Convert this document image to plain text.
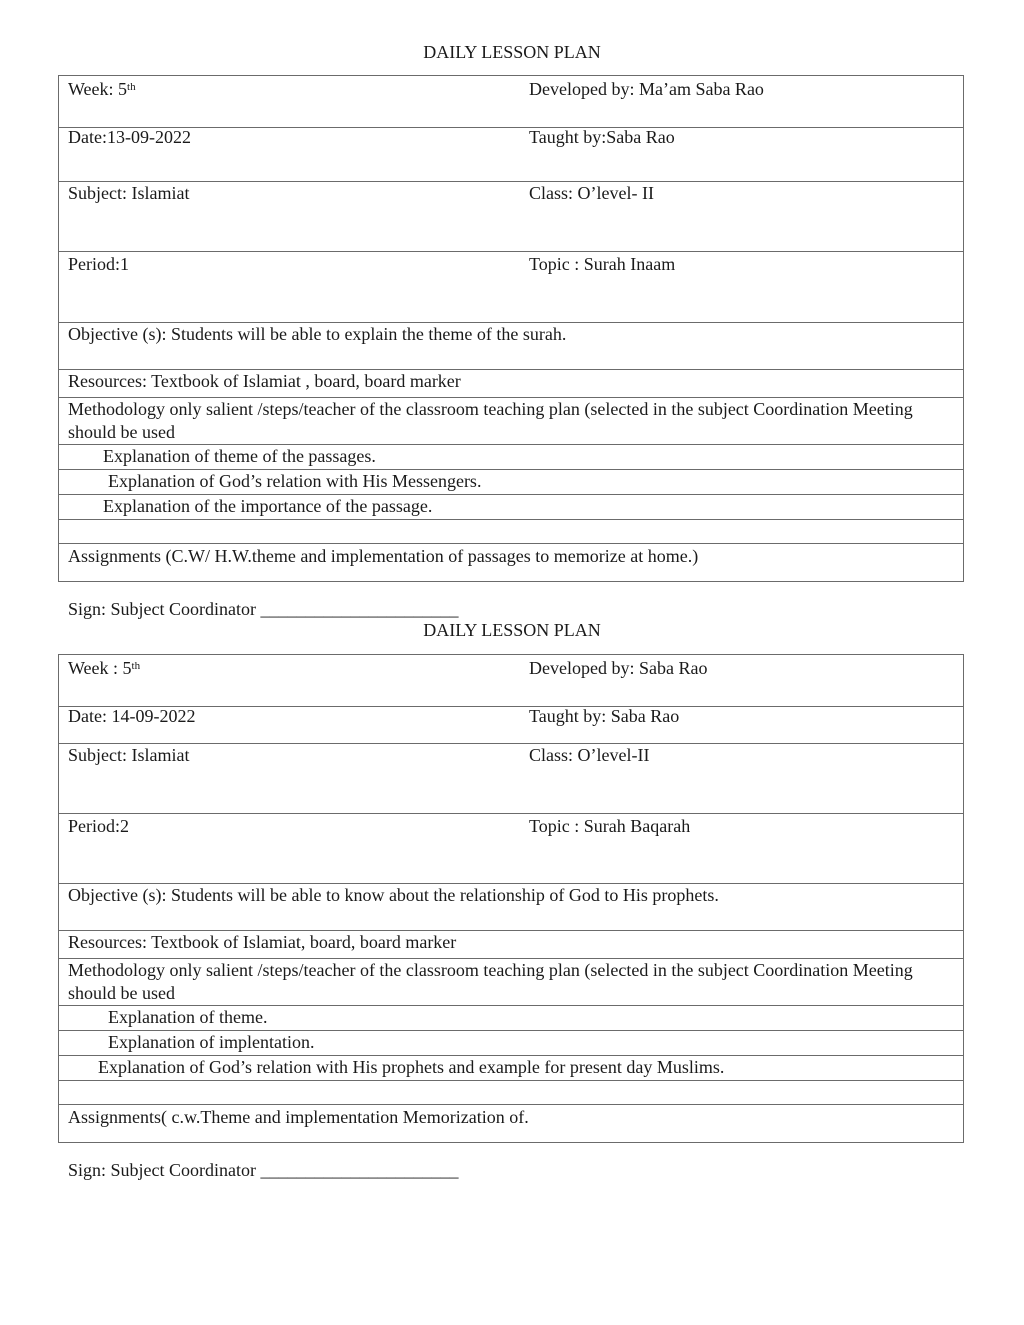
DAILY LESSON PLAN
Week: 5th	Developed by: Ma’am Saba Rao
Date:13-09-2022	Taught by:Saba Rao
Subject: Islamiat	Class: O’level- II
Period:1	Topic : Surah Inaam
Objective (s): Students will be able to explain the theme of the surah.
Resources: Textbook of Islamiat , board, board marker
Methodology only salient /steps/teacher of the classroom teaching plan (selected in the subject Coordination Meeting should be used
Explanation of theme of the passages.
Explanation of God’s relation with His Messengers.
Explanation of the importance of the passage.
Assignments (C.W/ H.W.theme and implementation of passages to memorize at home.)
Sign: Subject Coordinator ______________________
DAILY LESSON PLAN
Week : 5th	Developed by: Saba Rao
Date: 14-09-2022	Taught by: Saba Rao
Subject: Islamiat	Class: O’level-II
Period:2	Topic : Surah Baqarah
Objective (s): Students will be able to know about the relationship of God to His prophets.
Resources: Textbook of Islamiat, board, board marker
Methodology only salient /steps/teacher of the classroom teaching plan (selected in the subject Coordination Meeting should be used
Explanation of theme.
Explanation of implentation.
Explanation of God’s relation with His prophets and example for present day Muslims.
Assignments( c.w.Theme and implementation Memorization of.
Sign: Subject Coordinator ______________________
